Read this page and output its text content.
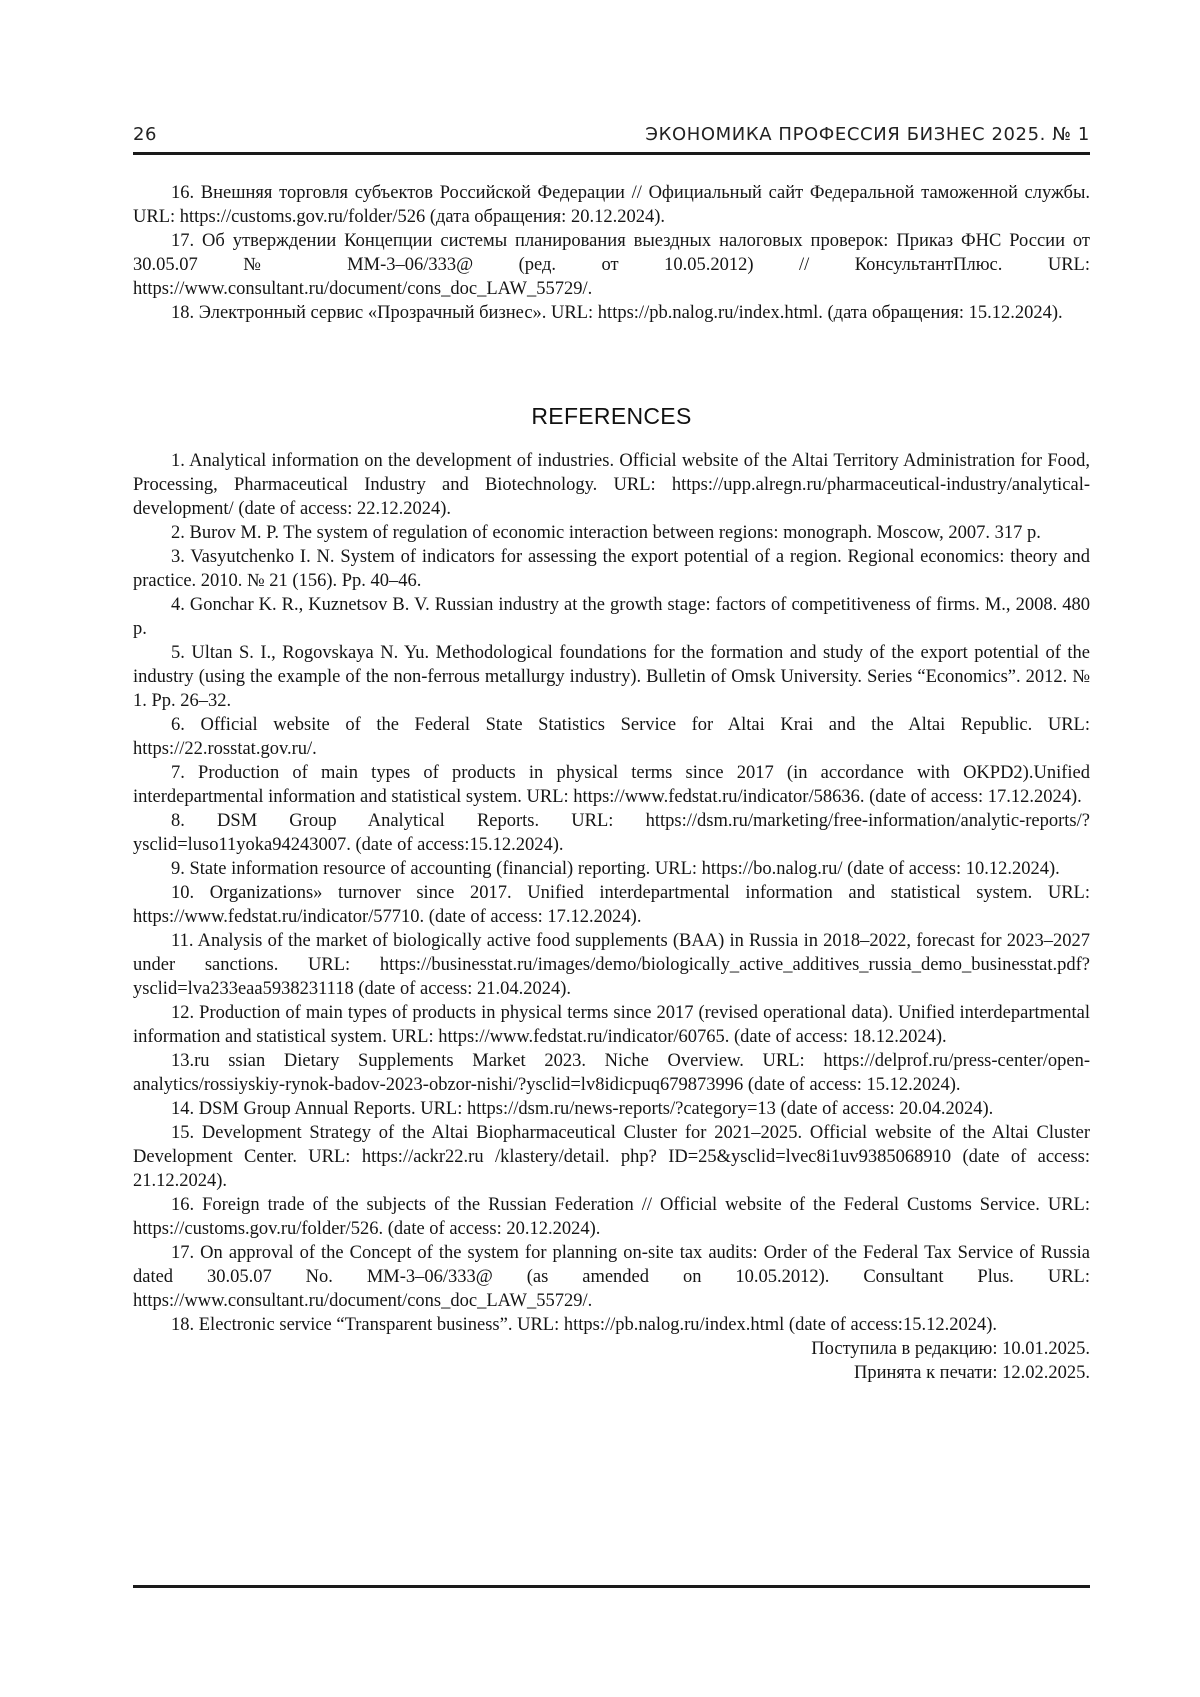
26	ЭКОНОМИКА ПРОФЕССИЯ БИЗНЕС 2025. № 1

16. Внешняя торговля субъектов Российской Федерации // Официальный сайт Федеральной таможенной службы. URL: https://customs.gov.ru/folder/526 (дата обращения: 20.12.2024).

17. Об утверждении Концепции системы планирования выездных налоговых проверок: Приказ ФНС России от 30.05.07 № ММ-3–06/333@ (ред. от 10.05.2012) // КонсультантПлюс. URL: https://www.consultant.ru/document/cons_doc_LAW_55729/.

18. Электронный сервис «Прозрачный бизнес». URL: https://pb.nalog.ru/index.html. (дата обращения: 15.12.2024).

REFERENCES

1. Analytical information on the development of industries. Official website of the Altai Territory Administration for Food, Processing, Pharmaceutical Industry and Biotechnology. URL: https://upp.alregn.ru/pharmaceutical-industry/analytical-development/ (date of access: 22.12.2024).

2. Burov M. P. The system of regulation of economic interaction between regions: monograph. Moscow, 2007. 317 p.

3. Vasyutchenko I. N. System of indicators for assessing the export potential of a region. Regional economics: theory and practice. 2010. № 21 (156). Pp. 40–46.

4. Gonchar K. R., Kuznetsov B. V. Russian industry at the growth stage: factors of competitiveness of firms. M., 2008. 480 p.

5. Ultan S. I., Rogovskaya N. Yu. Methodological foundations for the formation and study of the export potential of the industry (using the example of the non-ferrous metallurgy industry). Bulletin of Omsk University. Series “Economics”. 2012. № 1. Pp. 26–32.

6. Official website of the Federal State Statistics Service for Altai Krai and the Altai Republic. URL: https://22.rosstat.gov.ru/.

7. Production of main types of products in physical terms since 2017 (in accordance with OKPD2).Unified interdepartmental information and statistical system. URL: https://www.fedstat.ru/indicator/58636. (date of access: 17.12.2024).

8. DSM Group Analytical Reports. URL: https://dsm.ru/marketing/free-information/analytic-reports/?ysclid=luso11yoka94243007. (date of access:15.12.2024).

9. State information resource of accounting (financial) reporting. URL: https://bo.nalog.ru/ (date of access: 10.12.2024).

10. Organizations» turnover since 2017. Unified interdepartmental information and statistical system. URL: https://www.fedstat.ru/indicator/57710. (date of access: 17.12.2024).

11. Analysis of the market of biologically active food supplements (BAA) in Russia in 2018–2022, forecast for 2023–2027 under sanctions. URL: https://businesstat.ru/images/demo/biologically_active_additives_russia_demo_businesstat.pdf?ysclid=lva233eaa5938231118 (date of access: 21.04.2024).

12. Production of main types of products in physical terms since 2017 (revised operational data). Unified interdepartmental information and statistical system. URL: https://www.fedstat.ru/indicator/60765. (date of access: 18.12.2024).

13.ru ssian Dietary Supplements Market 2023. Niche Overview. URL: https://delprof.ru/press-center/open-analytics/rossiyskiy-rynok-badov-2023-obzor-nishi/?ysclid=lv8idicpuq679873996 (date of access: 15.12.2024).

14. DSM Group Annual Reports. URL: https://dsm.ru/news-reports/?category=13 (date of access: 20.04.2024).

15. Development Strategy of the Altai Biopharmaceutical Cluster for 2021–2025. Official website of the Altai Cluster Development Center. URL: https://ackr22.ru /klastery/detail. php? ID=25&ysclid=lvec8i1uv9385068910 (date of access: 21.12.2024).

16. Foreign trade of the subjects of the Russian Federation // Official website of the Federal Customs Service. URL: https://customs.gov.ru/folder/526. (date of access: 20.12.2024).

17. On approval of the Concept of the system for planning on-site tax audits: Order of the Federal Tax Service of Russia dated 30.05.07 No. MM-3–06/333@ (as amended on 10.05.2012). Consultant Plus. URL: https://www.consultant.ru/document/cons_doc_LAW_55729/.

18. Electronic service “Transparent business”. URL: https://pb.nalog.ru/index.html (date of access:15.12.2024).

Поступила в редакцию: 10.01.2025.

Принята к печати: 12.02.2025.
